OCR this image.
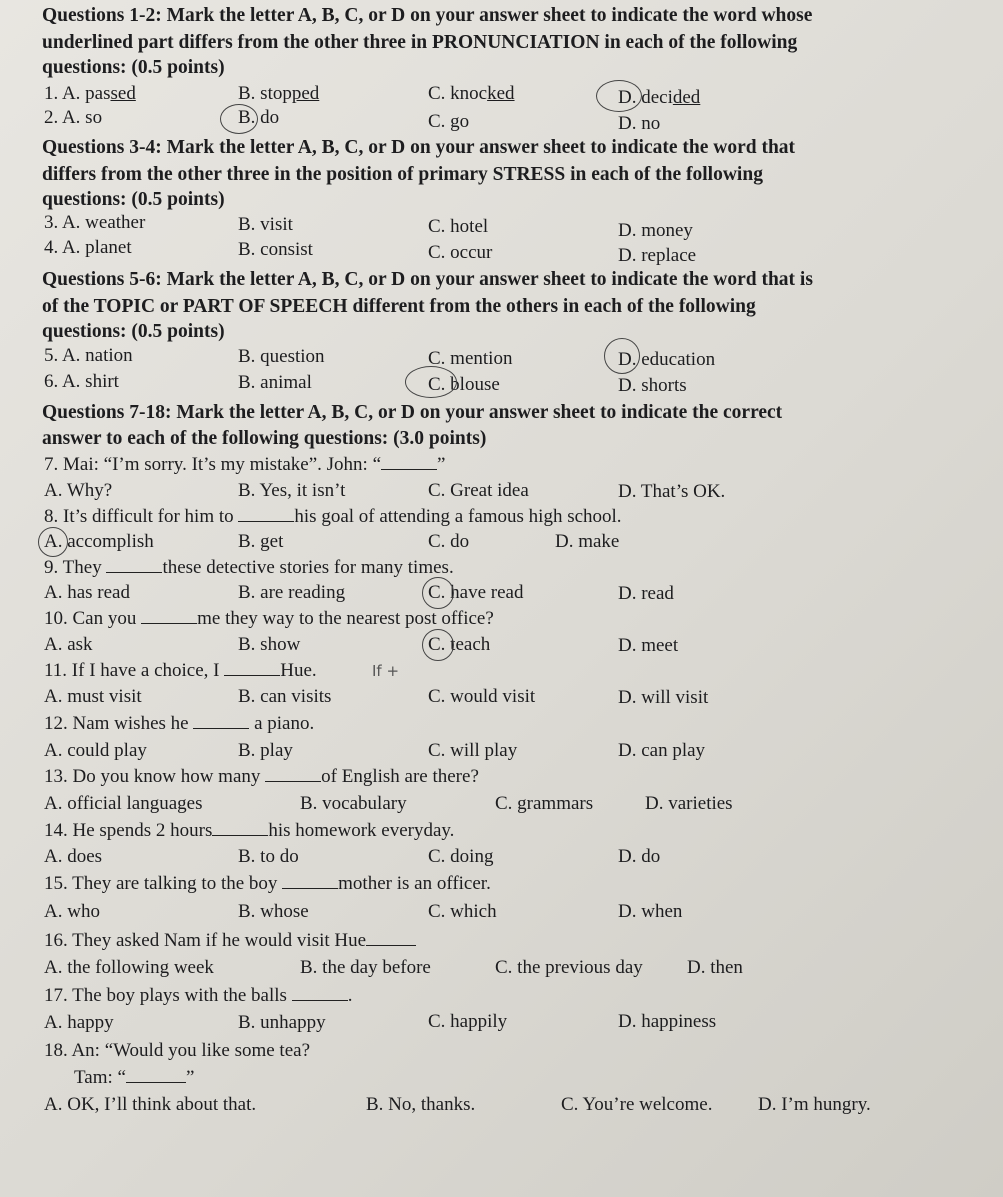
Questions 1-2: Mark the letter A, B, C, or D on your answer sheet to indicate the word whose
underlined part differs from the other three in PRONUNCIATION in each of the following
questions: (0.5 points)
1. A. passed	B. stopped	C. knocked	D. decided
2. A. so	B. do	C. go	D. no
Questions 3-4: Mark the letter A, B, C, or D on your answer sheet to indicate the word that
differs from the other three in the position of primary STRESS in each of the following
questions: (0.5 points)
3. A. weather	B. visit	C. hotel	D. money
4. A. planet	B. consist	C. occur	D. replace
Questions 5-6: Mark the letter A, B, C, or D on your answer sheet to indicate the word that is
of the TOPIC or PART OF SPEECH different from the others in each of the following
questions: (0.5 points)
5. A. nation	B. question	C. mention	D. education
6. A. shirt	B. animal	C. blouse	D. shorts
Questions 7-18: Mark the letter A, B, C, or D on your answer sheet to indicate the correct
answer to each of the following questions: (3.0 points)
7. Mai: “I’m sorry. It’s my mistake”. John: “	”
A. Why?	B. Yes, it isn’t	C. Great idea	D. That’s OK.
8. It’s difficult for him to	his goal of attending a famous high school.
A. accomplish	B. get	C. do	D. make
9. They	these detective stories for many times.
A. has read	B. are reading	C. have read	D. read
10. Can you	me they way to the nearest post office?
A. ask	B. show	C. teach	D. meet
11. If I have a choice, I	Hue.	If +
A. must visit	B. can visits	C. would visit	D. will visit
12. Nam wishes he	a piano.
A. could play	B. play	C. will play	D. can play
13. Do you know how many	of English are there?
A. official languages	B. vocabulary	C. grammars	D. varieties
14. He spends 2 hours	his homework everyday.
A. does	B. to do	C. doing	D. do
15. They are talking to the boy	mother is an officer.
A. who	B. whose	C. which	D. when
16. They asked Nam if he would visit Hue
A. the following week	B. the day before	C. the previous day D. then
17. The boy plays with the balls	.
A. happy	B. unhappy	C. happily	D. happiness
18. An: “Would you like some tea?
Tam: “	”
A. OK, I’ll think about that.	B. No, thanks.	C. You’re welcome. D. I’m hungry.
